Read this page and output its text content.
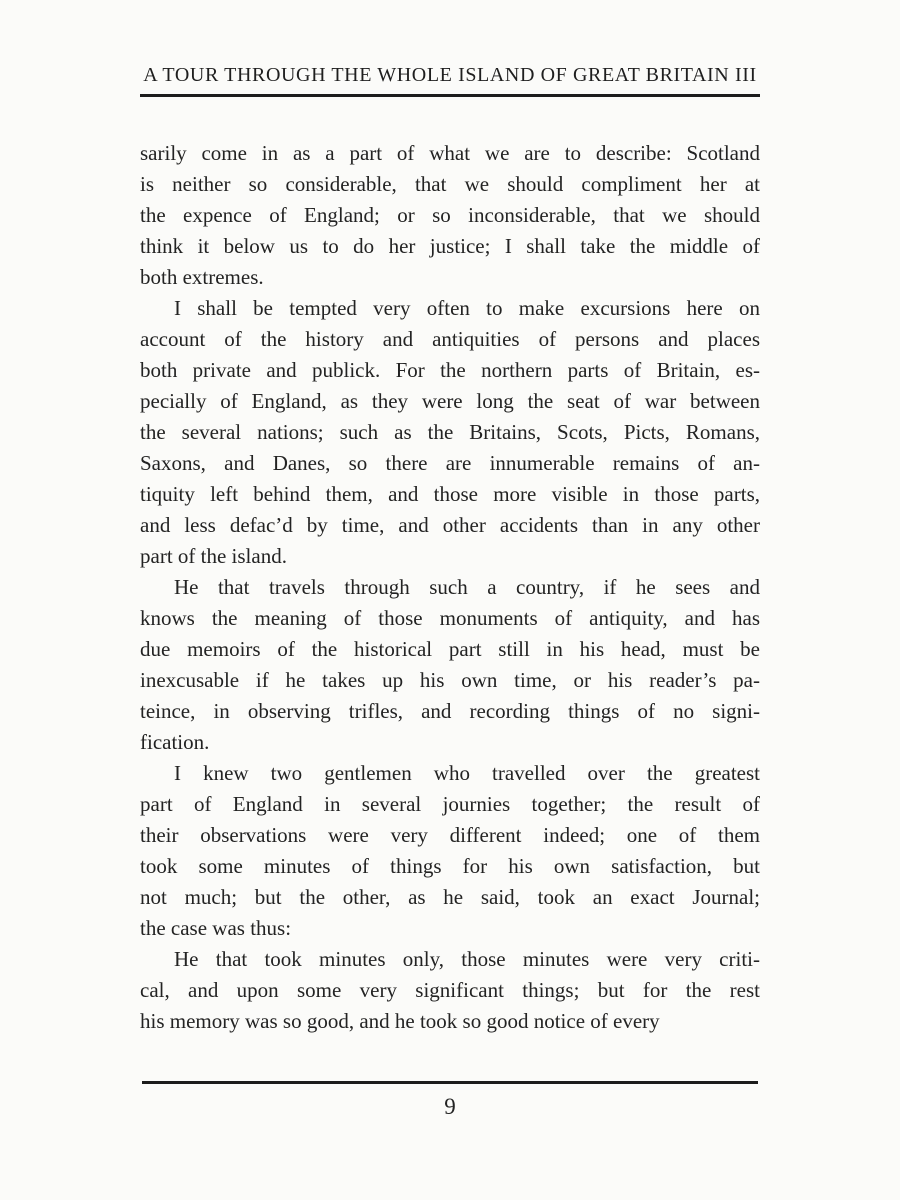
A TOUR THROUGH THE WHOLE ISLAND OF GREAT BRITAIN III

sarily come in as a part of what we are to describe: Scotland
is neither so considerable, that we should compliment her at
the expence of England; or so inconsiderable, that we should
think it below us to do her justice; I shall take the middle of
both extremes.

I shall be tempted very often to make excursions here on
account of the history and antiquities of persons and places
both private and publick. For the northern parts of Britain, es-
pecially of England, as they were long the seat of war between
the several nations; such as the Britains, Scots, Picts, Romans,
Saxons, and Danes, so there are innumerable remains of an-
tiquity left behind them, and those more visible in those parts,
and less defac’d by time, and other accidents than in any other
part of the island.

He that travels through such a country, if he sees and
knows the meaning of those monuments of antiquity, and has
due memoirs of the historical part still in his head, must be
inexcusable if he takes up his own time, or his reader’s pa-
teince, in observing trifles, and recording things of no signi-
fication.

I knew two gentlemen who travelled over the greatest
part of England in several journies together; the result of
their observations were very different indeed; one of them
took some minutes of things for his own satisfaction, but
not much; but the other, as he said, took an exact Journal;
the case was thus:

He that took minutes only, those minutes were very criti-
cal, and upon some very significant things; but for the rest
his memory was so good, and he took so good notice of every

9
